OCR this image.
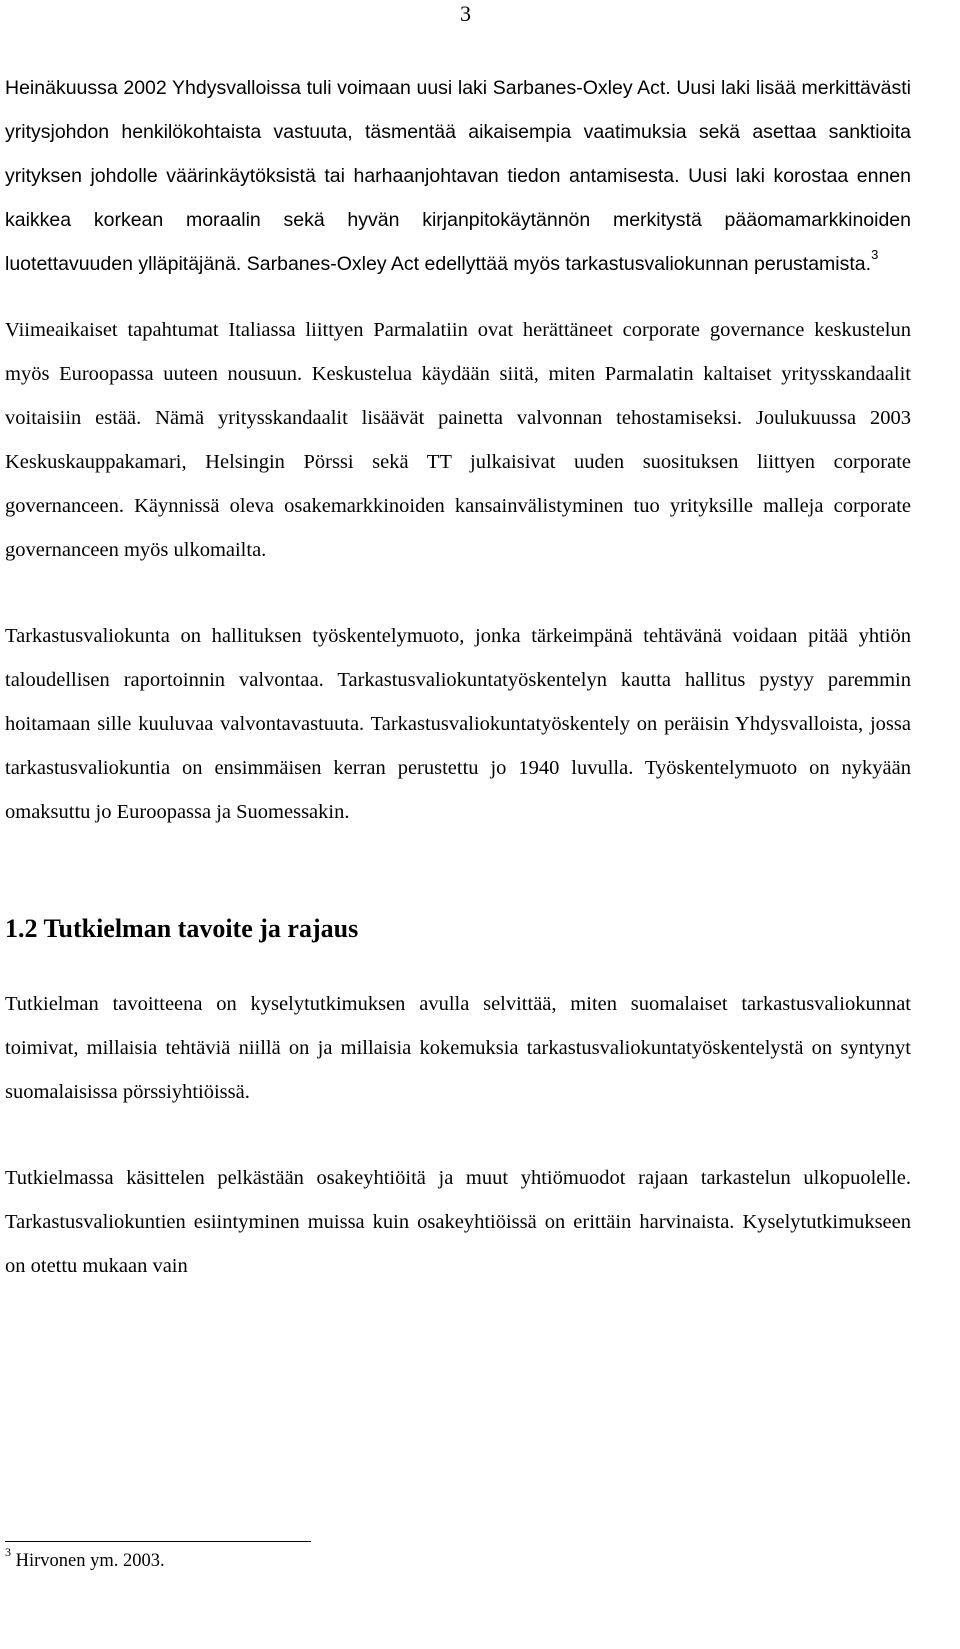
3

Heinäkuussa 2002 Yhdysvalloissa tuli voimaan uusi laki Sarbanes-Oxley Act. Uusi laki lisää merkittävästi yritysjohdon henkilökohtaista vastuuta, täsmentää aikaisempia vaatimuksia sekä asettaa sanktioita yrityksen johdolle väärinkäytöksistä tai harhaanjohtavan tiedon antamisesta. Uusi laki korostaa ennen kaikkea korkean moraalin sekä hyvän kirjanpitokäytännön merkitystä pääomamarkkinoiden luotettavuuden ylläpitäjänä. Sarbanes-Oxley Act edellyttää myös tarkastusvaliokunnan perustamista.$^3$

Viimeaikaiset tapahtumat Italiassa liittyen Parmalatiin ovat herättäneet corporate governance keskustelun myös Euroopassa uuteen nousuun. Keskustelua käydään siitä, miten Parmalatin kaltaiset yritysskandaalit voitaisiin estää. Nämä yritysskandaalit lisäävät painetta valvonnan tehostamiseksi. Joulukuussa 2003 Keskuskauppakamari, Helsingin Pörssi sekä TT julkaisivat uuden suosituksen liittyen corporate governanceen. Käynnissä oleva osakemarkkinoiden kansainvälistyminen tuo yrityksille malleja corporate governanceen myös ulkomailta.

Tarkastusvaliokunta on hallituksen työskentelymuoto, jonka tärkeimpänä tehtävänä voidaan pitää yhtiön taloudellisen raportoinnin valvontaa. Tarkastusvaliokuntatyöskentelyn kautta hallitus pystyy paremmin hoitamaan sille kuuluvaa valvontavastuuta. Tarkastusvaliokuntatyöskentely on peräisin Yhdysvalloista, jossa tarkastusvaliokuntia on ensimmäisen kerran perustettu jo 1940 luvulla. Työskentelymuoto on nykyään omaksuttu jo Euroopassa ja Suomessakin.

1.2 Tutkielman tavoite ja rajaus

Tutkielman tavoitteena on kyselytutkimuksen avulla selvittää, miten suomalaiset tarkastusvaliokunnat toimivat, millaisia tehtäviä niillä on ja millaisia kokemuksia tarkastusvaliokuntatyöskentelystä on syntynyt suomalaisissa pörssiyhtiöissä.

Tutkielmassa käsittelen pelkästään osakeyhtiöitä ja muut yhtiömuodot rajaan tarkastelun ulkopuolelle. Tarkastusvaliokuntien esiintyminen muissa kuin osakeyhtiöissä on erittäin harvinaista. Kyselytutkimukseen on otettu mukaan vain

$^3$ Hirvonen ym. 2003.
